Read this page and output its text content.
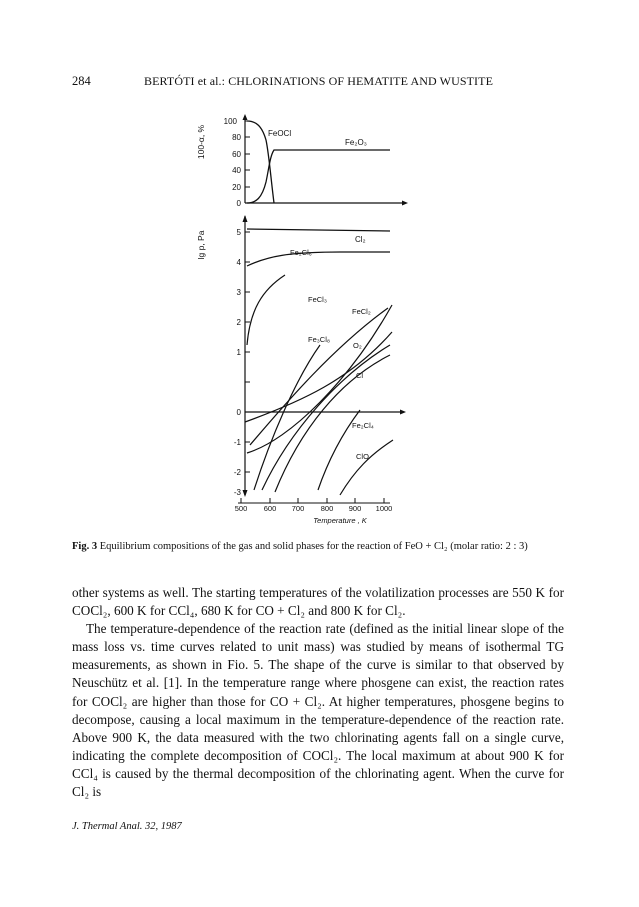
284	BERTÓTI et al.: CHLORINATIONS OF HEMATITE AND WUSTITE
100-α, %
100
80
60
40
20
0
FeOCl
Fe₂O₃
lg p, Pa	5
4
3
2
1
0
-1
-2
-3
Cl₂
Fe₂Cl₆
FeCl₃
FeCl₂
Fe₃Cl₈
O₂
Cl
Fe₂Cl₄
ClO
500 600 700 800 900 1000
Temperature , K
Fig. 3 Equilibrium compositions of the gas and solid phases for the reaction of FeO + Cl₂ (molar ratio: 2 : 3)

other systems as well. The starting temperatures of the volatilization processes are 550 K for COCl₂, 600 K for CCl₄, 680 K for CO + Cl₂ and 800 K for Cl₂.

The temperature-dependence of the reaction rate (defined as the initial linear slope of the mass loss vs. time curves related to unit mass) was studied by means of isothermal TG measurements, as shown in Fio. 5. The shape of the curve is similar to that observed by Neuschütz et al. [1]. In the temperature range where phosgene can exist, the reaction rates for COCl₂ are higher than those for CO + Cl₂. At higher temperatures, phosgene begins to decompose, causing a local maximum in the temperature-dependence of the reaction rate. Above 900 K, the data measured with the two chlorinating agents fall on a single curve, indicating the complete decomposition of COCl₂. The local maximum at about 900 K for CCl₄ is caused by the thermal decomposition of the chlorinating agent. When the curve for Cl₂ is

J. Thermal Anal. 32, 1987
